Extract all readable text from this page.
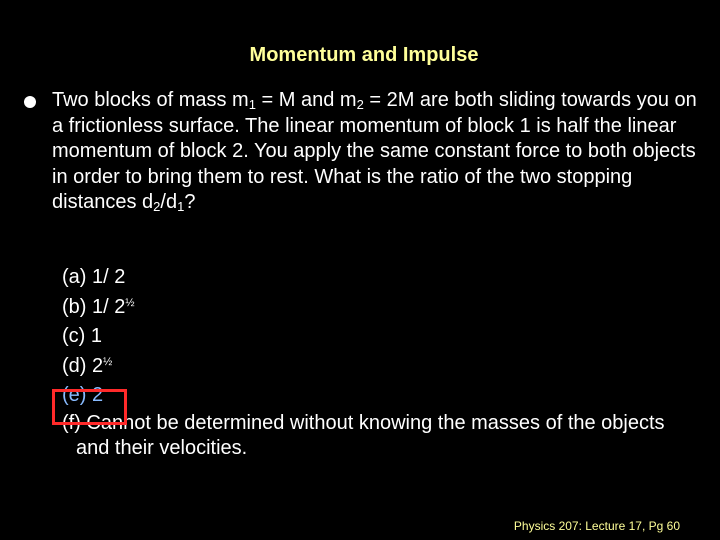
Momentum and Impulse
Two blocks of mass $m_1 = M$ and $m_2 = 2M$ are both sliding towards you on a frictionless surface. The linear momentum of block 1 is half the linear momentum of block 2. You apply the same constant force to both objects in order to bring them to rest. What is the ratio of the two stopping distances $d_2/d_1$?
(a) 1/ 2
(b) 1/ $2^{\frac{1}{2}}$
(c) 1
(d) $2^{\frac{1}{2}}$
(e) 2
(f) Cannot be determined without knowing the masses of the objects and their velocities.
Physics 207: Lecture 17, Pg 60
